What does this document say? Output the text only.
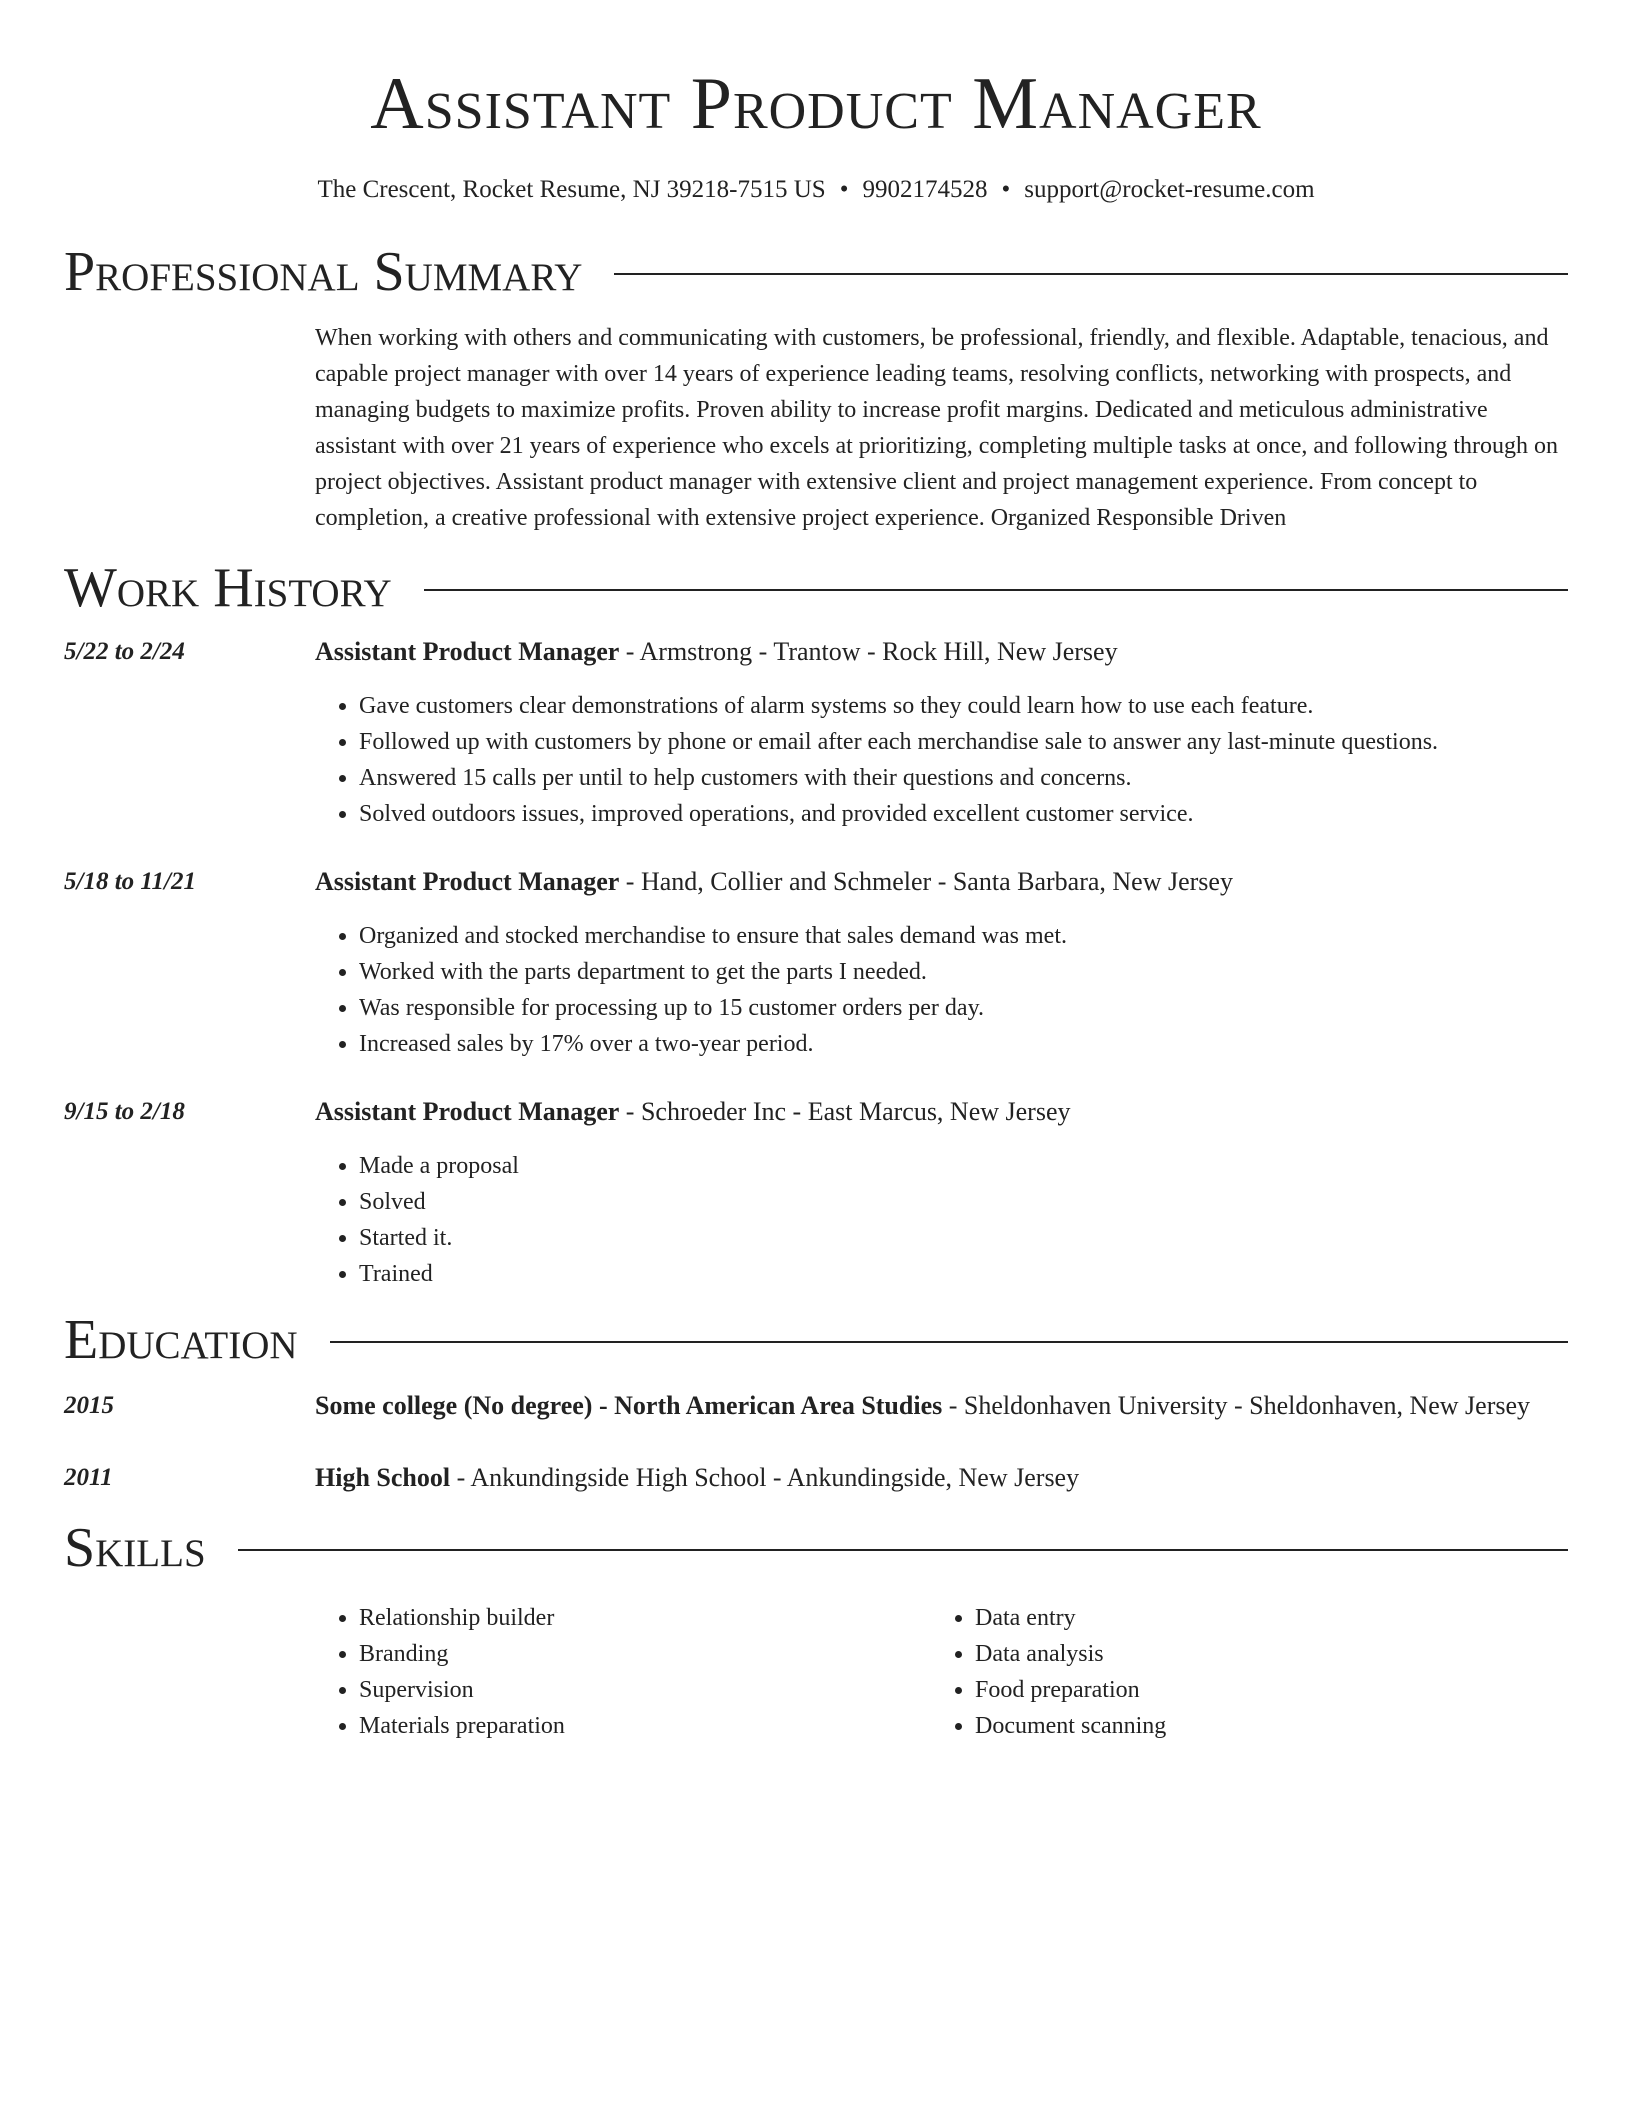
Assistant Product Manager
The Crescent, Rocket Resume, NJ 39218-7515 US • 9902174528 • support@rocket-resume.com
Professional Summary
When working with others and communicating with customers, be professional, friendly, and flexible. Adaptable, tenacious, and capable project manager with over 14 years of experience leading teams, resolving conflicts, networking with prospects, and managing budgets to maximize profits. Proven ability to increase profit margins. Dedicated and meticulous administrative assistant with over 21 years of experience who excels at prioritizing, completing multiple tasks at once, and following through on project objectives. Assistant product manager with extensive client and project management experience. From concept to completion, a creative professional with extensive project experience. Organized Responsible Driven
Work History
5/22 to 2/24	Assistant Product Manager - Armstrong - Trantow - Rock Hill, New Jersey
• Gave customers clear demonstrations of alarm systems so they could learn how to use each feature.
• Followed up with customers by phone or email after each merchandise sale to answer any last-minute questions.
• Answered 15 calls per until to help customers with their questions and concerns.
• Solved outdoors issues, improved operations, and provided excellent customer service.
5/18 to 11/21	Assistant Product Manager - Hand, Collier and Schmeler - Santa Barbara, New Jersey
• Organized and stocked merchandise to ensure that sales demand was met.
• Worked with the parts department to get the parts I needed.
• Was responsible for processing up to 15 customer orders per day.
• Increased sales by 17% over a two-year period.
9/15 to 2/18	Assistant Product Manager - Schroeder Inc - East Marcus, New Jersey
• Made a proposal
• Solved
• Started it.
• Trained
Education
2015	Some college (No degree) - North American Area Studies - Sheldonhaven University - Sheldonhaven, New Jersey
2011	High School - Ankundingside High School - Ankundingside, New Jersey
Skills
• Relationship builder
• Branding
• Supervision
• Materials preparation
• Data entry
• Data analysis
• Food preparation
• Document scanning
